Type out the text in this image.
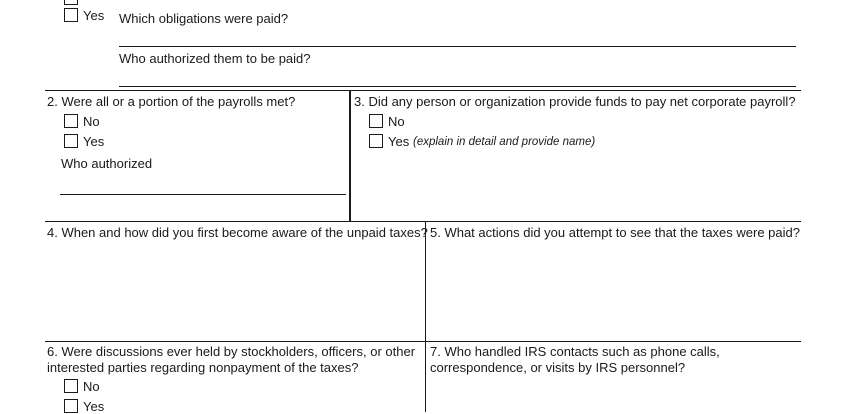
Yes Which obligations were paid?
Who authorized them to be paid?
2. Were all or a portion of the payrolls met?
No
Yes
Who authorized
3. Did any person or organization provide funds to pay net corporate payroll?
No
Yes (explain in detail and provide name)
4. When and how did you first become aware of the unpaid taxes? 5. What actions did you attempt to see that the taxes were paid?
6. Were discussions ever held by stockholders, officers, or other interested parties regarding nonpayment of the taxes?
No
Yes
7. Who handled IRS contacts such as phone calls, correspondence, or visits by IRS personnel?
